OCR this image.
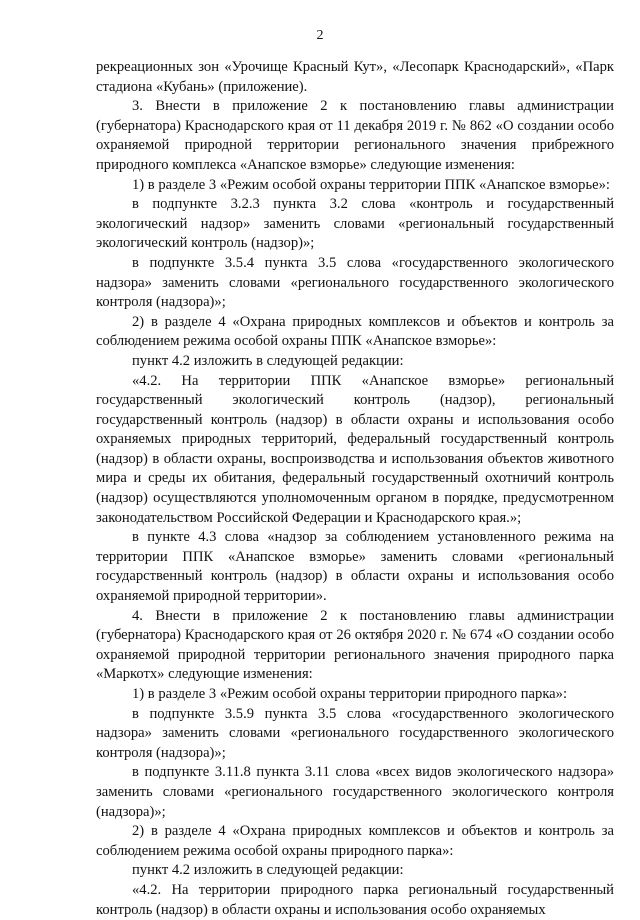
2

рекреационных зон «Урочище Красный Кут», «Лесопарк Краснодарский», «Парк стадиона «Кубань» (приложение).

3. Внести в приложение 2 к постановлению главы администрации (губернатора) Краснодарского края от 11 декабря 2019 г. № 862 «О создании особо охраняемой природной территории регионального значения прибрежного природного комплекса «Анапское взморье» следующие изменения:

1) в разделе 3 «Режим особой охраны территории ППК «Анапское взморье»:

в подпункте 3.2.3 пункта 3.2 слова «контроль и государственный экологический надзор» заменить словами «региональный государственный экологический контроль (надзор)»;

в подпункте 3.5.4 пункта 3.5 слова «государственного экологического надзора» заменить словами «регионального государственного экологического контроля (надзора)»;

2) в разделе 4 «Охрана природных комплексов и объектов и контроль за соблюдением режима особой охраны ППК «Анапское взморье»:

пункт 4.2 изложить в следующей редакции:

«4.2. На территории ППК «Анапское взморье» региональный государственный экологический контроль (надзор), региональный государственный контроль (надзор) в области охраны и использования особо охраняемых природных территорий, федеральный государственный контроль (надзор) в области охраны, воспроизводства и использования объектов животного мира и среды их обитания, федеральный государственный охотничий контроль (надзор) осуществляются уполномоченным органом в порядке, предусмотренном законодательством Российской Федерации и Краснодарского края.»;

в пункте 4.3 слова «надзор за соблюдением установленного режима на территории ППК «Анапское взморье» заменить словами «региональный государственный контроль (надзор) в области охраны и использования особо охраняемой природной территории».

4. Внести в приложение 2 к постановлению главы администрации (губернатора) Краснодарского края от 26 октября 2020 г. № 674 «О создании особо охраняемой природной территории регионального значения природного парка «Маркотх» следующие изменения:

1) в разделе 3 «Режим особой охраны территории природного парка»:

в подпункте 3.5.9 пункта 3.5 слова «государственного экологического надзора» заменить словами «регионального государственного экологического контроля (надзора)»;

в подпункте 3.11.8 пункта 3.11 слова «всех видов экологического надзора» заменить словами «регионального государственного экологического контроля (надзора)»;

2) в разделе 4 «Охрана природных комплексов и объектов и контроль за соблюдением режима особой охраны природного парка»:

пункт 4.2 изложить в следующей редакции:

«4.2. На территории природного парка региональный государственный контроль (надзор) в области охраны и использования особо охраняемых
